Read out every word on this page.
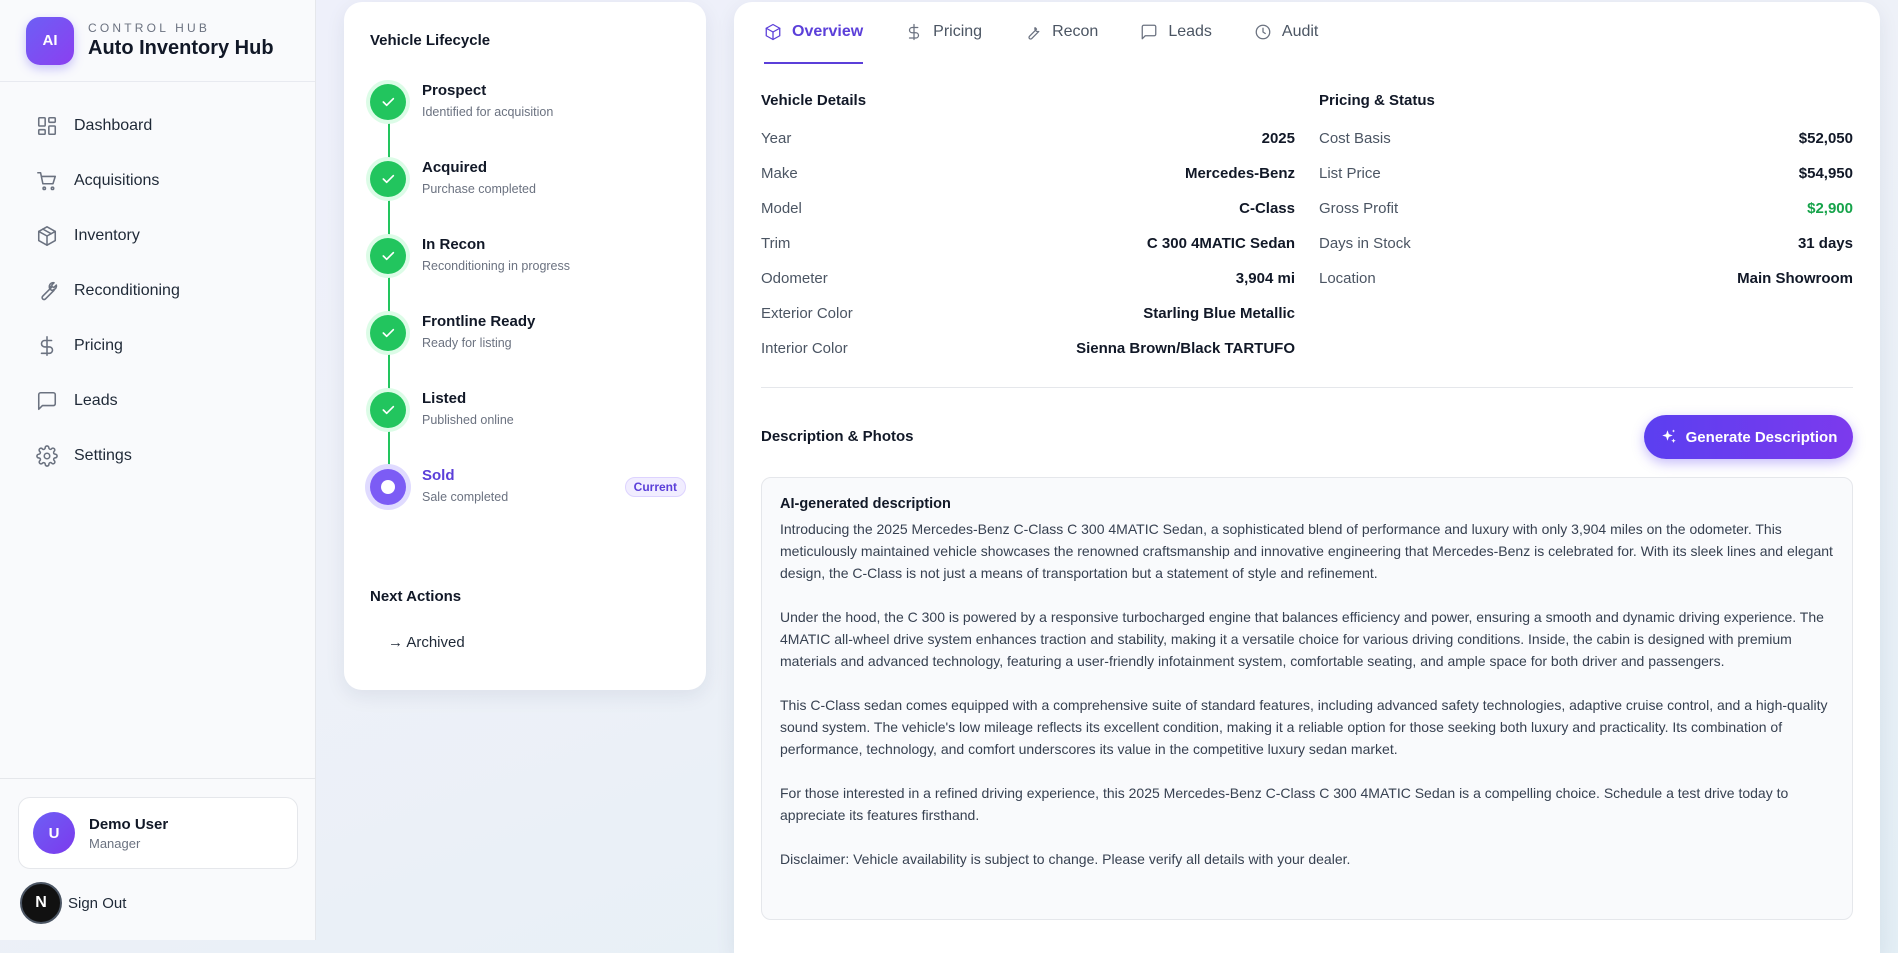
AI
CONTROL HUB
Auto Inventory Hub
Dashboard
Acquisitions
Inventory
Reconditioning
Pricing
Leads
Settings
U
Demo User
Manager
N	Sign Out
Vehicle Lifecycle
Prospect
Identified for acquisition
Acquired
Purchase completed
In Recon
Reconditioning in progress
Frontline Ready
Ready for listing
Listed
Published online
Sold
Sale completed
Current
Next Actions
→ Archived
Overview	Pricing	Recon	Leads	Audit
Vehicle Details
Year	2025
Make	Mercedes-Benz
Model	C-Class
Trim	C 300 4MATIC Sedan
Odometer	3,904 mi
Exterior Color	Starling Blue Metallic
Interior Color	Sienna Brown/Black TARTUFO
Pricing & Status
Cost Basis	$52,050
List Price	$54,950
Gross Profit	$2,900
Days in Stock	31 days
Location	Main Showroom
Description & Photos	Generate Description
AI-generated description

Introducing the 2025 Mercedes-Benz C-Class C 300 4MATIC Sedan, a sophisticated blend of performance and luxury with only 3,904 miles on the odometer. This meticulously maintained vehicle showcases the renowned craftsmanship and innovative engineering that Mercedes-Benz is celebrated for. With its sleek lines and elegant design, the C-Class is not just a means of transportation but a statement of style and refinement.

Under the hood, the C 300 is powered by a responsive turbocharged engine that balances efficiency and power, ensuring a smooth and dynamic driving experience. The 4MATIC all-wheel drive system enhances traction and stability, making it a versatile choice for various driving conditions. Inside, the cabin is designed with premium materials and advanced technology, featuring a user-friendly infotainment system, comfortable seating, and ample space for both driver and passengers.

This C-Class sedan comes equipped with a comprehensive suite of standard features, including advanced safety technologies, adaptive cruise control, and a high-quality sound system. The vehicle's low mileage reflects its excellent condition, making it a reliable option for those seeking both luxury and practicality. Its combination of performance, technology, and comfort underscores its value in the competitive luxury sedan market.

For those interested in a refined driving experience, this 2025 Mercedes-Benz C-Class C 300 4MATIC Sedan is a compelling choice. Schedule a test drive today to appreciate its features firsthand.

Disclaimer: Vehicle availability is subject to change. Please verify all details with your dealer.
